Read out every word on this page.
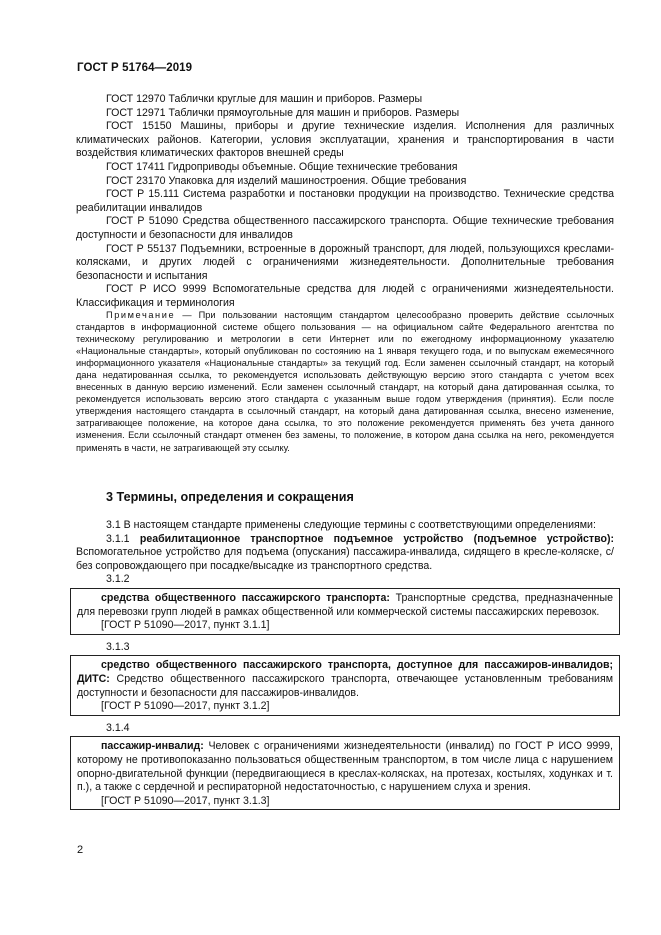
ГОСТ Р 51764—2019

ГОСТ 12970 Таблички круглые для машин и приборов. Размеры

ГОСТ 12971 Таблички прямоугольные для машин и приборов. Размеры

ГОСТ 15150 Машины, приборы и другие технические изделия. Исполнения для различных климатических районов. Категории, условия эксплуатации, хранения и транспортирования в части воздействия климатических факторов внешней среды

ГОСТ 17411 Гидроприводы объемные. Общие технические требования

ГОСТ 23170 Упаковка для изделий машиностроения. Общие требования

ГОСТ Р 15.111 Система разработки и постановки продукции на производство. Технические средства реабилитации инвалидов

ГОСТ Р 51090 Средства общественного пассажирского транспорта. Общие технические требования доступности и безопасности для инвалидов

ГОСТ Р 55137 Подъемники, встроенные в дорожный транспорт, для людей, пользующихся креслами-колясками, и других людей с ограничениями жизнедеятельности. Дополнительные требования безопасности и испытания

ГОСТ Р ИСО 9999 Вспомогательные средства для людей с ограничениями жизнедеятельности. Классификация и терминология

Примечание — При пользовании настоящим стандартом целесообразно проверить действие ссылочных стандартов в информационной системе общего пользования — на официальном сайте Федерального агентства по техническому регулированию и метрологии в сети Интернет или по ежегодному информационному указателю «Национальные стандарты», который опубликован по состоянию на 1 января текущего года, и по выпускам ежемесячного информационного указателя «Национальные стандарты» за текущий год. Если заменен ссылочный стандарт, на который дана недатированная ссылка, то рекомендуется использовать действующую версию этого стандарта с учетом всех внесенных в данную версию изменений. Если заменен ссылочный стандарт, на который дана датированная ссылка, то рекомендуется использовать версию этого стандарта с указанным выше годом утверждения (принятия). Если после утверждения настоящего стандарта в ссылочный стандарт, на который дана датированная ссылка, внесено изменение, затрагивающее положение, на которое дана ссылка, то это положение рекомендуется применять без учета данного изменения. Если ссылочный стандарт отменен без замены, то положение, в котором дана ссылка на него, рекомендуется применять в части, не затрагивающей эту ссылку.

3 Термины, определения и сокращения

3.1 В настоящем стандарте применены следующие термины с соответствующими определениями:

3.1.1 реабилитационное транспортное подъемное устройство (подъемное устройство): Вспомогательное устройство для подъема (опускания) пассажира-инвалида, сидящего в кресле-коляске, с/без сопровождающего при посадке/высадке из транспортного средства.

3.1.2

средства общественного пассажирского транспорта: Транспортные средства, предназначенные для перевозки групп людей в рамках общественной или коммерческой системы пассажирских перевозок.

[ГОСТ Р 51090—2017, пункт 3.1.1]

3.1.3

средство общественного пассажирского транспорта, доступное для пассажиров-инвалидов; ДИТС: Средство общественного пассажирского транспорта, отвечающее установленным требованиям доступности и безопасности для пассажиров-инвалидов.

[ГОСТ Р 51090—2017, пункт 3.1.2]

3.1.4

пассажир-инвалид: Человек с ограничениями жизнедеятельности (инвалид) по ГОСТ Р ИСО 9999, которому не противопоказанно пользоваться общественным транспортом, в том числе лица с нарушением опорно-двигательной функции (передвигающиеся в креслах-колясках, на протезах, костылях, ходунках и т. п.), а также с сердечной и респираторной недостаточностью, с нарушением слуха и зрения.

[ГОСТ Р 51090—2017, пункт 3.1.3]

2
